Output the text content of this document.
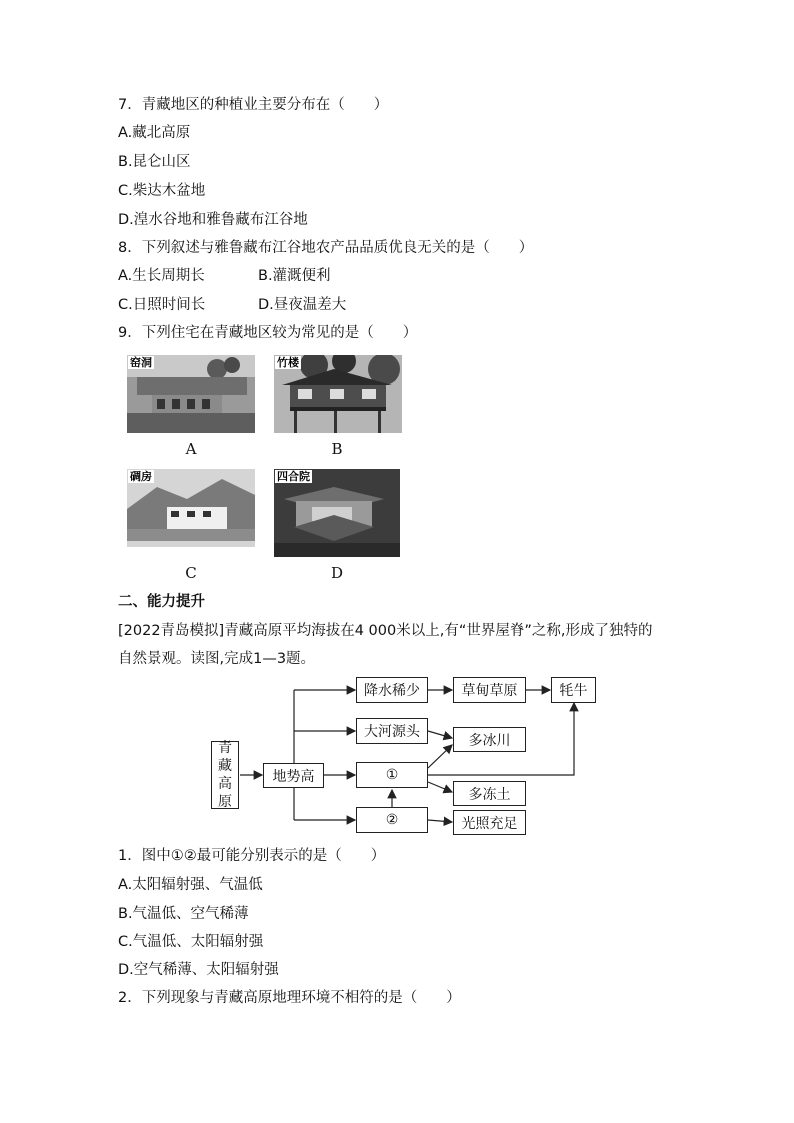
7．青藏地区的种植业主要分布在（　　）
A.藏北高原
B.昆仑山区
C.柴达木盆地
D.湟水谷地和雅鲁藏布江谷地
8．下列叙述与雅鲁藏布江谷地农产品品质优良无关的是（　　）
A.生长周期长	B.灌溉便利
C.日照时间长	D.昼夜温差大
9．下列住宅在青藏地区较为常见的是（　　）
窑洞	竹楼
A	B
碉房	四合院
C	D
二、能力提升
[2022青岛模拟]青藏高原平均海拔在4 000米以上,有“世界屋脊”之称,形成了独特的
自然景观。读图,完成1—3题。
青
藏
高
原
地势高
降水稀少	草甸草原	牦牛
大河源头
多冰川
①
多冻土
②	光照充足
1．图中①②最可能分别表示的是（　　）
A.太阳辐射强、气温低
B.气温低、空气稀薄
C.气温低、太阳辐射强
D.空气稀薄、太阳辐射强
2．下列现象与青藏高原地理环境不相符的是（　　）
